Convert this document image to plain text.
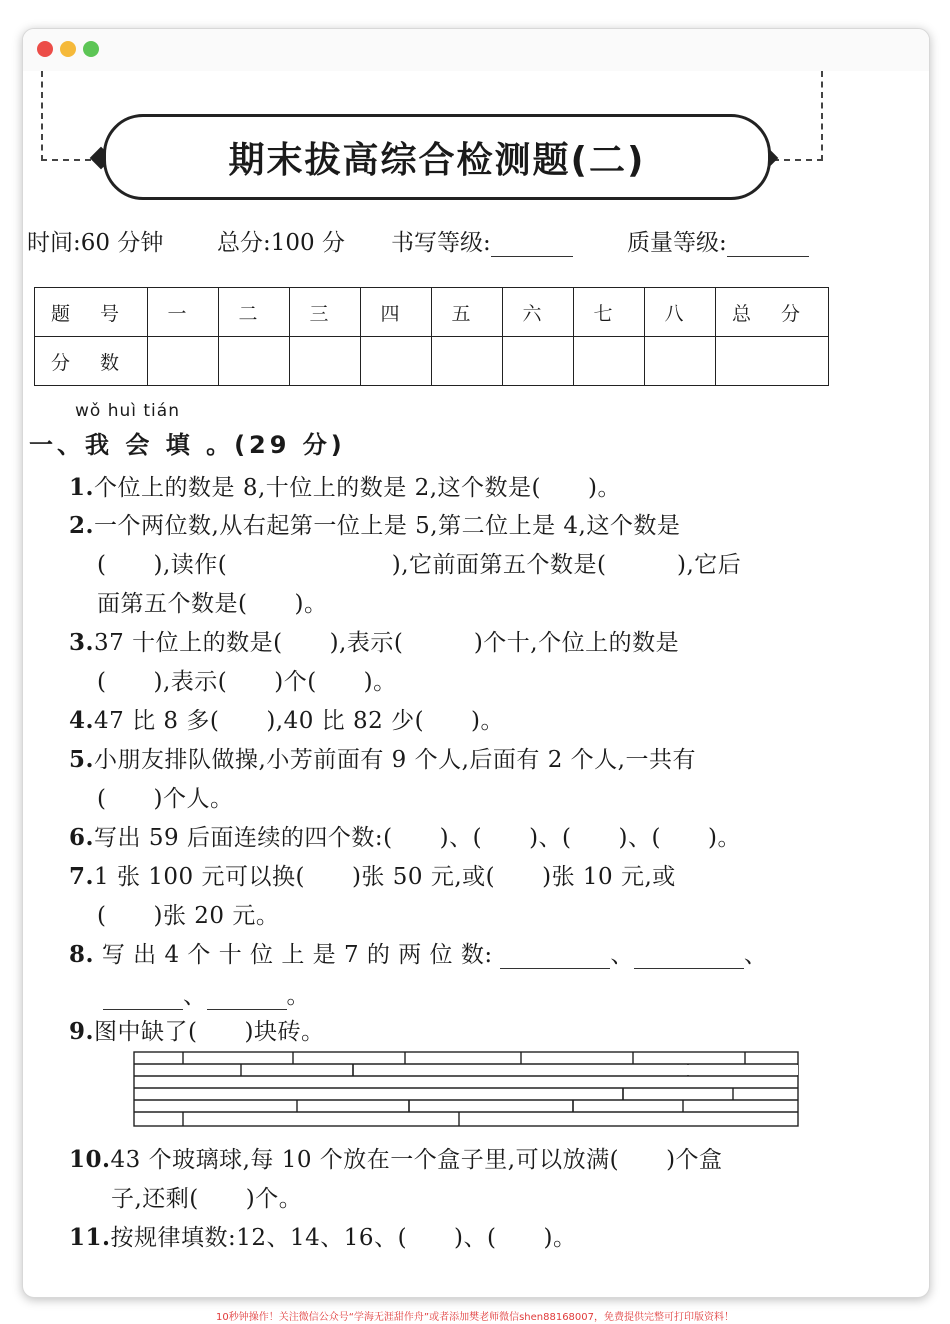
期末拔高综合检测题(二)
时间:60 分钟 总分:100 分 书写等级:	质量等级:
题 号	一	二	三	四	五	六	七	八	总 分
分 数									
wǒ huì tián
一、我 会 填 。(29 分)
1.个位上的数是 8,十位上的数是 2,这个数是(　　)。
2.一个两位数,从右起第一位上是 5,第二位上是 4,这个数是
(　　),读作(　　　　　　　),它前面第五个数是(　　　),它后
面第五个数是(　　)。
3.37 十位上的数是(　　),表示(　　　)个十,个位上的数是
(　　),表示(　　)个(　　)。
4.47 比 8 多(　　),40 比 82 少(　　)。
5.小朋友排队做操,小芳前面有 9 个人,后面有 2 个人,一共有
(　　)个人。
6.写出 59 后面连续的四个数:(　　)、(　　)、(　　)、(　　)。
7.1 张 100 元可以换(　　)张 50 元,或(　　)张 10 元,或
(　　)张 20 元。
8. 写 出 4 个 十 位 上 是 7 的 两 位 数:	、	、
、	。
9.图中缺了(　　)块砖。
10.43 个玻璃球,每 10 个放在一个盒子里,可以放满(　　)个盒
子,还剩(　　)个。
11.按规律填数:12、14、16、(　　)、(　　)。
10秒钟操作！关注微信公众号“学海无涯甜作舟”或者添加樊老师微信shen88168007，免费提供完整可打印版资料！
